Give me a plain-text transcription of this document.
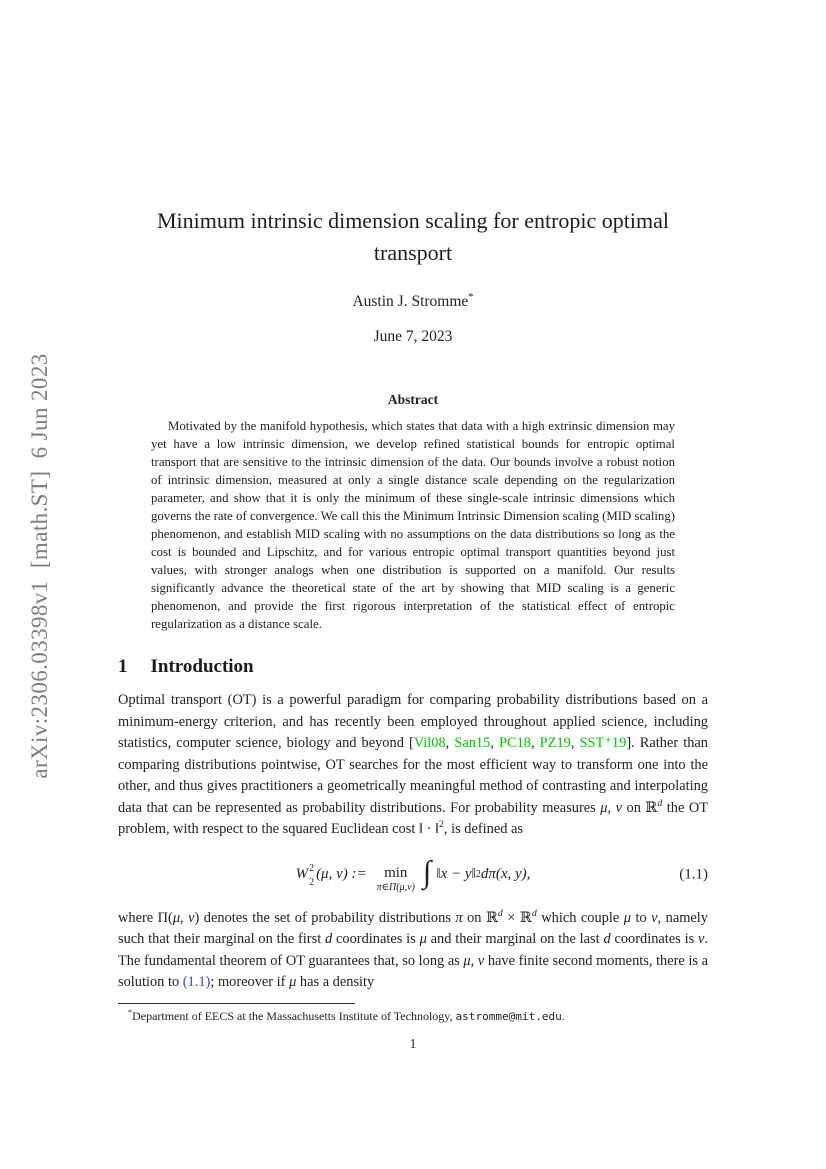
arXiv:2306.03398v1  [math.ST]  6 Jun 2023
Minimum intrinsic dimension scaling for entropic optimal transport
Austin J. Stromme*
June 7, 2023
Abstract

Motivated by the manifold hypothesis, which states that data with a high extrinsic dimension may yet have a low intrinsic dimension, we develop refined statistical bounds for entropic optimal transport that are sensitive to the intrinsic dimension of the data. Our bounds involve a robust notion of intrinsic dimension, measured at only a single distance scale depending on the regularization parameter, and show that it is only the minimum of these single-scale intrinsic dimensions which governs the rate of convergence. We call this the Minimum Intrinsic Dimension scaling (MID scaling) phenomenon, and establish MID scaling with no assumptions on the data distributions so long as the cost is bounded and Lipschitz, and for various entropic optimal transport quantities beyond just values, with stronger analogs when one distribution is supported on a manifold. Our results significantly advance the theoretical state of the art by showing that MID scaling is a generic phenomenon, and provide the first rigorous interpretation of the statistical effect of entropic regularization as a distance scale.

1 Introduction

Optimal transport (OT) is a powerful paradigm for comparing probability distributions based on a minimum-energy criterion, and has recently been employed throughout applied science, including statistics, computer science, biology and beyond [Vil08, San15, PC18, PZ19, SST⁺19]. Rather than comparing distributions pointwise, OT searches for the most efficient way to transform one into the other, and thus gives practitioners a geometrically meaningful method of contrasting and interpolating data that can be represented as probability distributions. For probability measures μ, ν on ℝ$^d$ the OT problem, with respect to the squared Euclidean cost ‖ · ‖$^2$, is defined as

W 2
2 (μ, ν) := min
π∈Π(μ,ν) ∫ ‖x − y‖ 2 dπ(x, y),	(1.1)

where Π(μ, ν) denotes the set of probability distributions π on ℝ$^d$ × ℝ$^d$ which couple μ to ν, namely such that their marginal on the first d coordinates is μ and their marginal on the last d coordinates is ν. The fundamental theorem of OT guarantees that, so long as μ, ν have finite second moments, there is a solution to (1.1); moreover if μ has a density

*Department of EECS at the Massachusetts Institute of Technology, astromme@mit.edu.
1
